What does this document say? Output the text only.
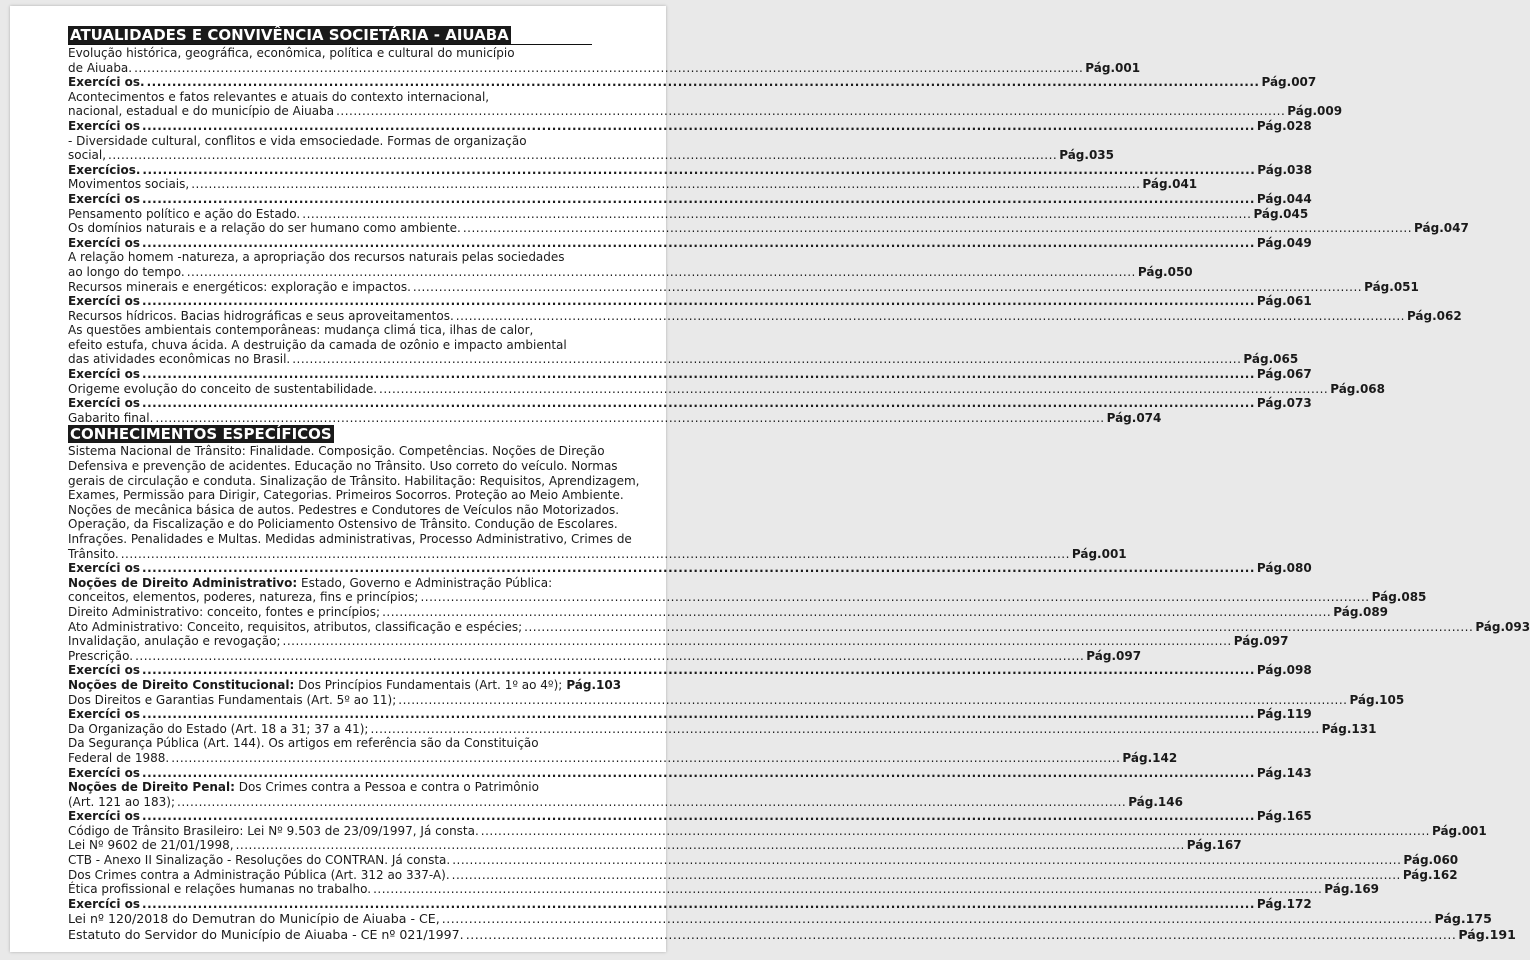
ATUALIDADES E CONVIVÊNCIA SOCIETÁRIA - AIUABA
Evolução histórica, geográfica, econômica, política e cultural do município
de Aiuaba. ............................................................................................................................................................................................................................ Pág.001
Exercíci os. ............................................................................................................................................................................................................................ Pág.007
Acontecimentos e fatos relevantes e atuais do contexto internacional,
nacional, estadual e do município de Aiuaba ............................................................................................................................................................................................................................ Pág.009
Exercíci os ............................................................................................................................................................................................................................ Pág.028
- Diversidade cultural, conflitos e vida emsociedade. Formas de organização
social, ............................................................................................................................................................................................................................ Pág.035
Exercícios. ............................................................................................................................................................................................................................ Pág.038
Movimentos sociais, ............................................................................................................................................................................................................................ Pág.041
Exercíci os ............................................................................................................................................................................................................................ Pág.044
Pensamento político e ação do Estado. ............................................................................................................................................................................................................................ Pág.045
Os domínios naturais e a relação do ser humano como ambiente. ............................................................................................................................................................................................................................ Pág.047
Exercíci os ............................................................................................................................................................................................................................ Pág.049
A relação homem -natureza, a apropriação dos recursos naturais pelas sociedades
ao longo do tempo. ............................................................................................................................................................................................................................ Pág.050
Recursos minerais e energéticos: exploração e impactos. ............................................................................................................................................................................................................................ Pág.051
Exercíci os ............................................................................................................................................................................................................................ Pág.061
Recursos hídricos. Bacias hidrográficas e seus aproveitamentos. ............................................................................................................................................................................................................................ Pág.062
As questões ambientais contemporâneas: mudança climá tica, ilhas de calor,
efeito estufa, chuva ácida. A destruição da camada de ozônio e impacto ambiental
das atividades econômicas no Brasil. ............................................................................................................................................................................................................................ Pág.065
Exercíci os ............................................................................................................................................................................................................................ Pág.067
Origeme evolução do conceito de sustentabilidade. ............................................................................................................................................................................................................................ Pág.068
Exercíci os ............................................................................................................................................................................................................................ Pág.073
Gabarito final. ............................................................................................................................................................................................................................ Pág.074
CONHECIMENTOS ESPECÍFICOS
Sistema Nacional de Trânsito: Finalidade. Composição. Competências. Noções de Direção
Defensiva e prevenção de acidentes. Educação no Trânsito. Uso correto do veículo. Normas
gerais de circulação e conduta. Sinalização de Trânsito. Habilitação: Requisitos, Aprendizagem,
Exames, Permissão para Dirigir, Categorias. Primeiros Socorros. Proteção ao Meio Ambiente.
Noções de mecânica básica de autos. Pedestres e Condutores de Veículos não Motorizados.
Operação, da Fiscalização e do Policiamento Ostensivo de Trânsito. Condução de Escolares.
Infrações. Penalidades e Multas. Medidas administrativas, Processo Administrativo, Crimes de
Trânsito. ............................................................................................................................................................................................................................ Pág.001
Exercíci os ............................................................................................................................................................................................................................ Pág.080
Noções de Direito Administrativo: Estado, Governo e Administração Pública:
conceitos, elementos, poderes, natureza, fins e princípios; ............................................................................................................................................................................................................................ Pág.085
Direito Administrativo: conceito, fontes e princípios; ............................................................................................................................................................................................................................ Pág.089
Ato Administrativo: Conceito, requisitos, atributos, classificação e espécies; ............................................................................................................................................................................................................................ Pág.093
Invalidação, anulação e revogação; ............................................................................................................................................................................................................................ Pág.097
Prescrição. ............................................................................................................................................................................................................................ Pág.097
Exercíci os ............................................................................................................................................................................................................................ Pág.098
Noções de Direito Constitucional: Dos Princípios Fundamentais (Art. 1º ao 4º); Pág.103
Dos Direitos e Garantias Fundamentais (Art. 5º ao 11); ............................................................................................................................................................................................................................ Pág.105
Exercíci os ............................................................................................................................................................................................................................ Pág.119
Da Organização do Estado (Art. 18 a 31; 37 a 41); ............................................................................................................................................................................................................................ Pág.131
Da Segurança Pública (Art. 144). Os artigos em referência são da Constituição
Federal de 1988. ............................................................................................................................................................................................................................ Pág.142
Exercíci os ............................................................................................................................................................................................................................ Pág.143
Noções de Direito Penal: Dos Crimes contra a Pessoa e contra o Patrimônio
(Art. 121 ao 183); ............................................................................................................................................................................................................................ Pág.146
Exercíci os ............................................................................................................................................................................................................................ Pág.165
Código de Trânsito Brasileiro: Lei Nº 9.503 de 23/09/1997, Já consta. ............................................................................................................................................................................................................................ Pág.001
Lei Nº 9602 de 21/01/1998, ............................................................................................................................................................................................................................ Pág.167
CTB - Anexo II Sinalização - Resoluções do CONTRAN. Já consta. ............................................................................................................................................................................................................................ Pág.060
Dos Crimes contra a Administração Pública (Art. 312 ao 337-A). ............................................................................................................................................................................................................................ Pág.162
Ética profissional e relações humanas no trabalho. ............................................................................................................................................................................................................................ Pág.169
Exercíci os ............................................................................................................................................................................................................................ Pág.172
Lei nº 120/2018 do Demutran do Município de Aiuaba - CE, ............................................................................................................................................................................................................................ Pág.175
Estatuto do Servidor do Município de Aiuaba - CE nº 021/1997. ............................................................................................................................................................................................................................ Pág.191
